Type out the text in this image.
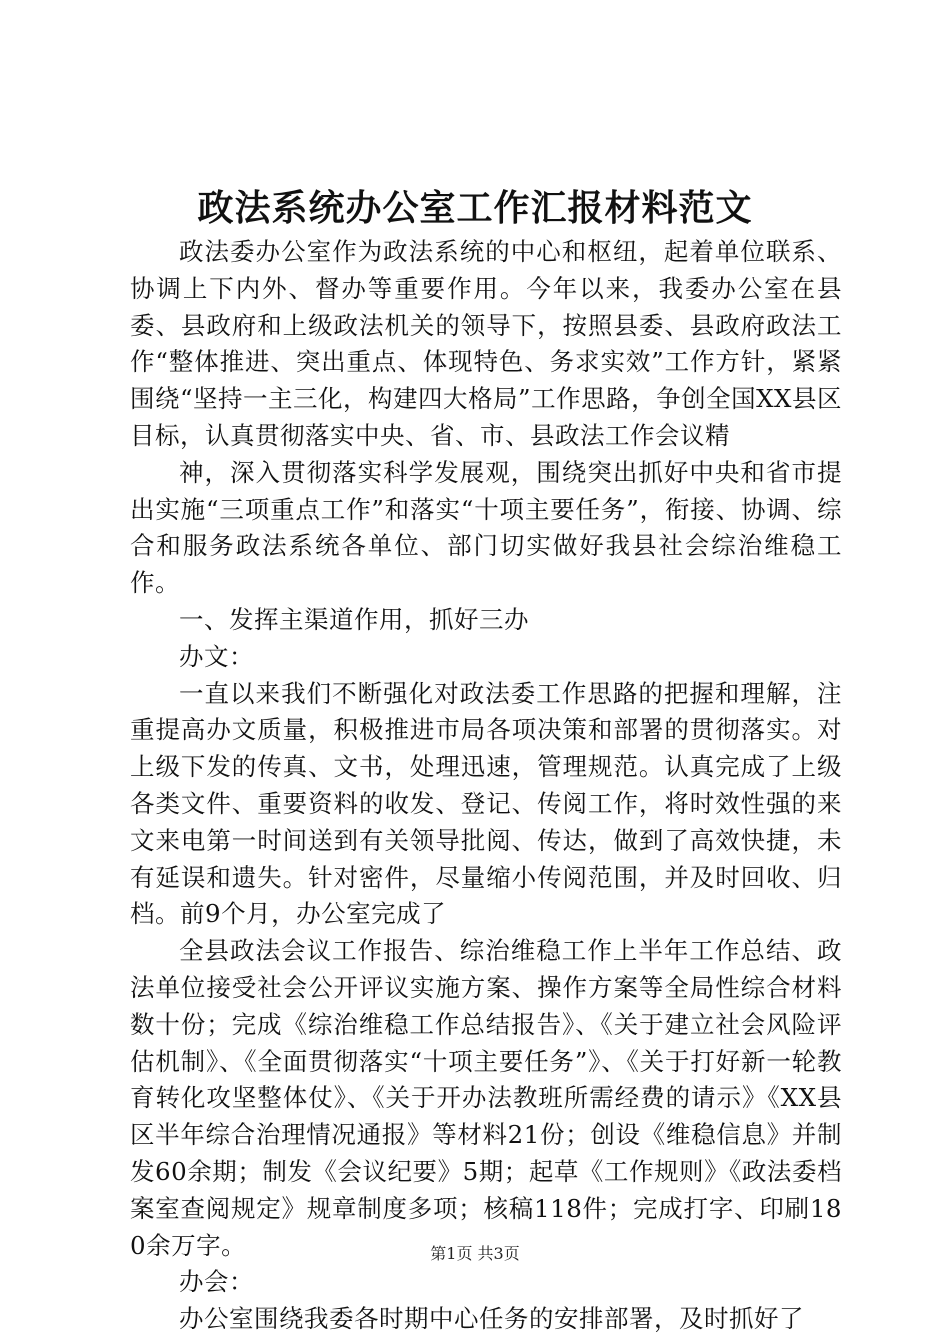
政法系统办公室工作汇报材料范文

政法委办公室作为政法系统的中心和枢纽，起着单位联系、协调上下内外、督办等重要作用。今年以来，我委办公室在县委、县政府和上级政法机关的领导下，按照县委、县政府政法工作“整体推进、突出重点、体现特色、务求实效”工作方针，紧紧围绕“坚持一主三化，构建四大格局”工作思路，争创全国XX县区目标，认真贯彻落实中央、省、市、县政法工作会议精

神，深入贯彻落实科学发展观，围绕突出抓好中央和省市提出实施“三项重点工作”和落实“十项主要任务”，衔接、协调、综合和服务政法系统各单位、部门切实做好我县社会综治维稳工作。

一、发挥主渠道作用，抓好三办

办文：

一直以来我们不断强化对政法委工作思路的把握和理解，注重提高办文质量，积极推进市局各项决策和部署的贯彻落实。对上级下发的传真、文书，处理迅速，管理规范。认真完成了上级各类文件、重要资料的收发、登记、传阅工作，将时效性强的来文来电第一时间送到有关领导批阅、传达，做到了高效快捷，未有延误和遗失。针对密件，尽量缩小传阅范围，并及时回收、归档。前9个月，办公室完成了

全县政法会议工作报告、综治维稳工作上半年工作总结、政法单位接受社会公开评议实施方案、操作方案等全局性综合材料数十份；完成《综治维稳工作总结报告》、《关于建立社会风险评估机制》、《全面贯彻落实“十项主要任务”》、《关于打好新一轮教育转化攻坚整体仗》、《关于开办法教班所需经费的请示》《XX县区半年综合治理情况通报》等材料21份；创设《维稳信息》并制发60余期；制发《会议纪要》5期；起草《工作规则》《政法委档案室查阅规定》规章制度多项；核稿118件；完成打字、印刷180余万字。

办会：

办公室围绕我委各时期中心任务的安排部署，及时抓好了

第1页 共3页
